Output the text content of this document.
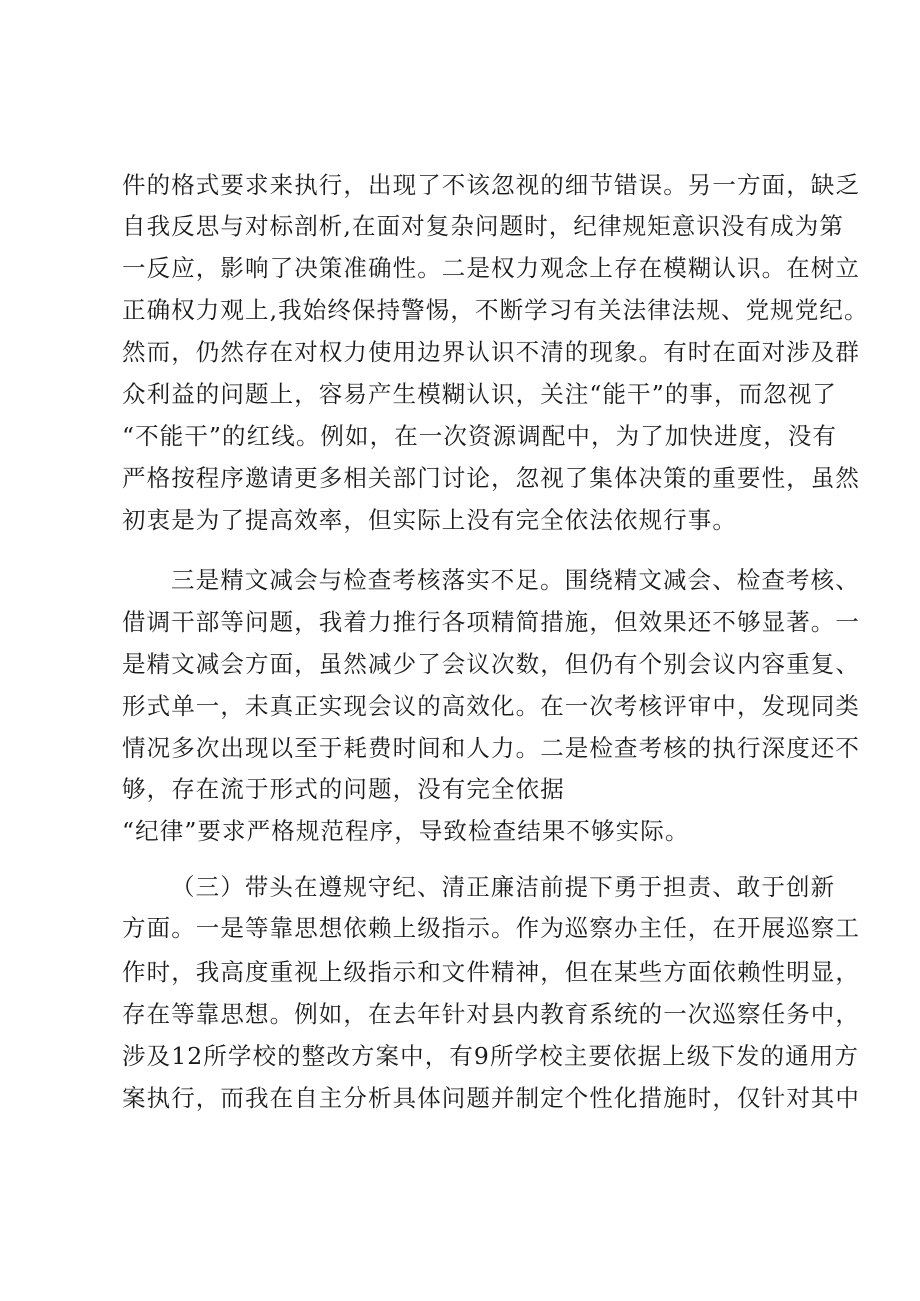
件的格式要求来执行，出现了不该忽视的细节错误。另一方面，缺乏
自我反思与对标剖析,在面对复杂问题时，纪律规矩意识没有成为第
一反应，影响了决策准确性。二是权力观念上存在模糊认识。在树立
正确权力观上,我始终保持警惕，不断学习有关法律法规、党规党纪。
然而，仍然存在对权力使用边界认识不清的现象。有时在面对涉及群
众利益的问题上，容易产生模糊认识，关注“能干”的事，而忽视了
“不能干”的红线。例如，在一次资源调配中，为了加快进度，没有
严格按程序邀请更多相关部门讨论，忽视了集体决策的重要性，虽然
初衷是为了提高效率，但实际上没有完全依法依规行事。
三是精文减会与检查考核落实不足。围绕精文减会、检查考核、
借调干部等问题，我着力推行各项精简措施，但效果还不够显著。一
是精文减会方面，虽然减少了会议次数，但仍有个别会议内容重复、
形式单一，未真正实现会议的高效化。在一次考核评审中，发现同类
情况多次出现以至于耗费时间和人力。二是检查考核的执行深度还不
够，存在流于形式的问题，没有完全依据
“纪律”要求严格规范程序，导致检查结果不够实际。
（三）带头在遵规守纪、清正廉洁前提下勇于担责、敢于创新
方面。一是等靠思想依赖上级指示。作为巡察办主任，在开展巡察工
作时，我高度重视上级指示和文件精神，但在某些方面依赖性明显，
存在等靠思想。例如，在去年针对县内教育系统的一次巡察任务中，
涉及12所学校的整改方案中，有9所学校主要依据上级下发的通用方
案执行，而我在自主分析具体问题并制定个性化措施时，仅针对其中
